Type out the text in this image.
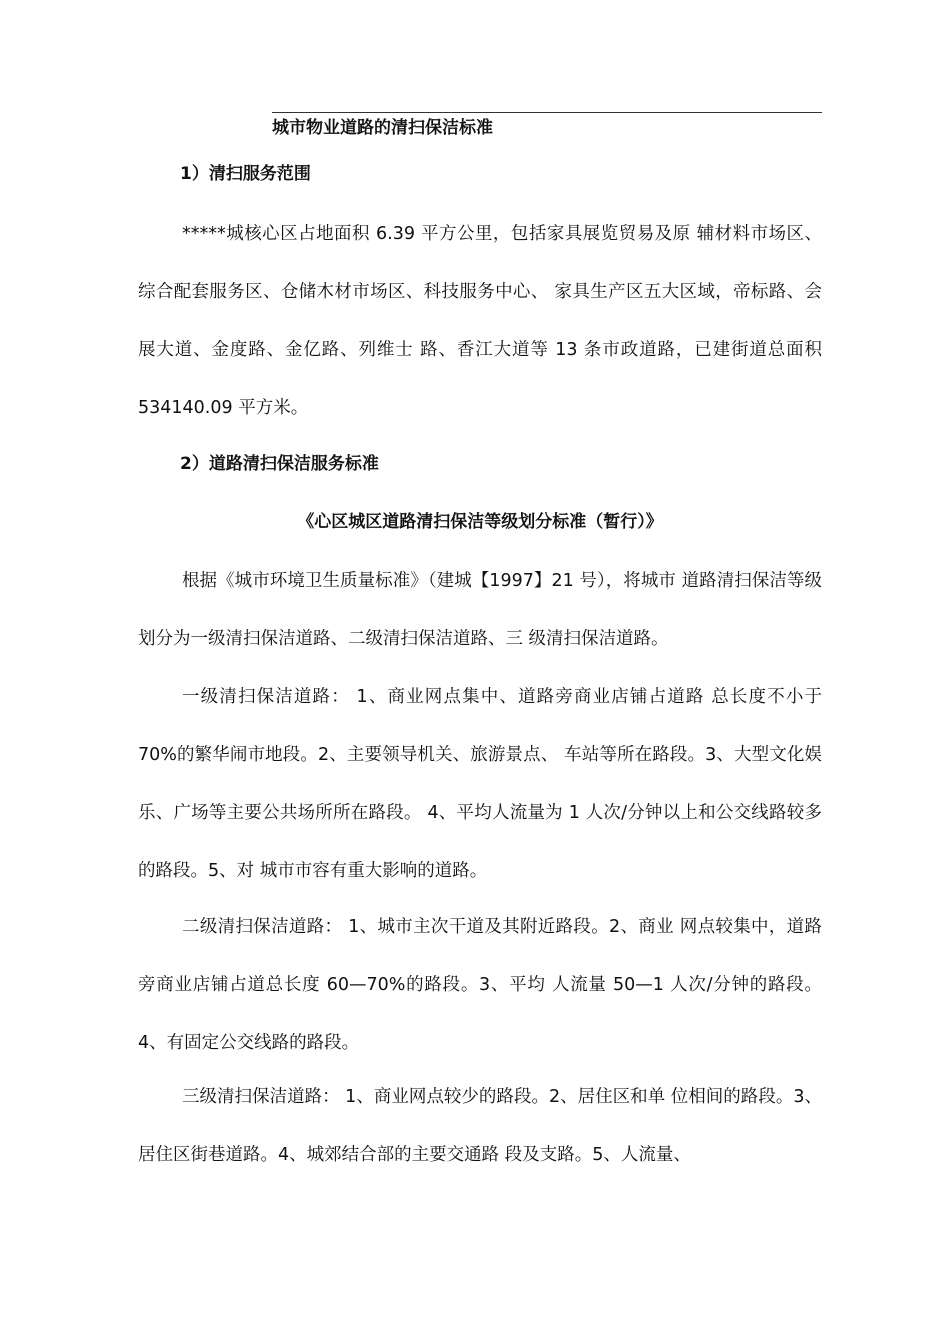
城市物业道路的清扫保洁标准
1）清扫服务范围

*****城核心区占地面积 6.39 平方公里，包括家具展览贸易及原 辅材料市场区、综合配套服务区、仓储木材市场区、科技服务中心、 家具生产区五大区域，帝标路、会展大道、金度路、金亿路、列维士 路、香江大道等 13 条市政道路，已建街道总面积 534140.09 平方米。

2）道路清扫保洁服务标准
《心区城区道路清扫保洁等级划分标准（暂行）》

根据《城市环境卫生质量标准》（建城【1997】21 号），将城市 道路清扫保洁等级划分为一级清扫保洁道路、二级清扫保洁道路、三 级清扫保洁道路。

一级清扫保洁道路： 1、商业网点集中、道路旁商业店铺占道路 总长度不小于 70%的繁华闹市地段。2、主要领导机关、旅游景点、 车站等所在路段。3、大型文化娱乐、广场等主要公共场所所在路段。 4、平均人流量为 1 人次/分钟以上和公交线路较多的路段。5、对 城市市容有重大影响的道路。

二级清扫保洁道路： 1、城市主次干道及其附近路段。2、商业 网点较集中，道路旁商业店铺占道总长度 60—70%的路段。3、平均 人流量 50—1 人次/分钟的路段。4、有固定公交线路的路段。

三级清扫保洁道路： 1、商业网点较少的路段。2、居住区和单 位相间的路段。3、居住区街巷道路。4、城郊结合部的主要交通路 段及支路。5、人流量、
